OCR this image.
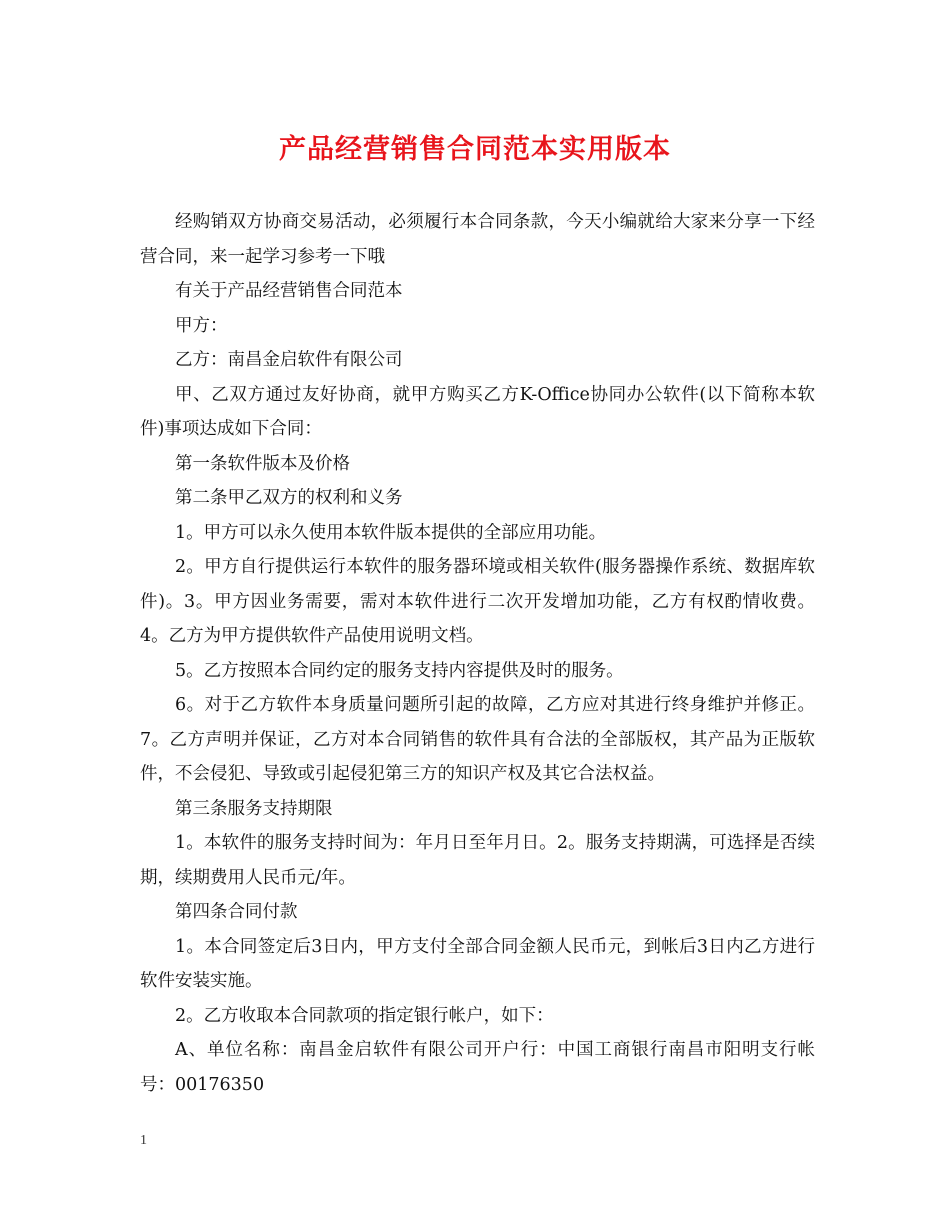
产品经营销售合同范本实用版本

经购销双方协商交易活动，必须履行本合同条款，今天小编就给大家来分享一下经营合同，来一起学习参考一下哦

有关于产品经营销售合同范本

甲方：

乙方：南昌金启软件有限公司

甲、乙双方通过友好协商，就甲方购买乙方K-Office协同办公软件(以下简称本软件)事项达成如下合同：

第一条软件版本及价格

第二条甲乙双方的权利和义务

1。甲方可以永久使用本软件版本提供的全部应用功能。

2。甲方自行提供运行本软件的服务器环境或相关软件(服务器操作系统、数据库软件)。3。甲方因业务需要，需对本软件进行二次开发增加功能，乙方有权酌情收费。4。乙方为甲方提供软件产品使用说明文档。

5。乙方按照本合同约定的服务支持内容提供及时的服务。

6。对于乙方软件本身质量问题所引起的故障，乙方应对其进行终身维护并修正。7。乙方声明并保证，乙方对本合同销售的软件具有合法的全部版权，其产品为正版软件，不会侵犯、导致或引起侵犯第三方的知识产权及其它合法权益。

第三条服务支持期限

1。本软件的服务支持时间为：年月日至年月日。2。服务支持期满，可选择是否续期，续期费用人民币元/年。

第四条合同付款

1。本合同签定后3日内，甲方支付全部合同金额人民币元，到帐后3日内乙方进行软件安装实施。

2。乙方收取本合同款项的指定银行帐户，如下：

A、单位名称：南昌金启软件有限公司开户行：中国工商银行南昌市阳明支行帐号：00176350

1
